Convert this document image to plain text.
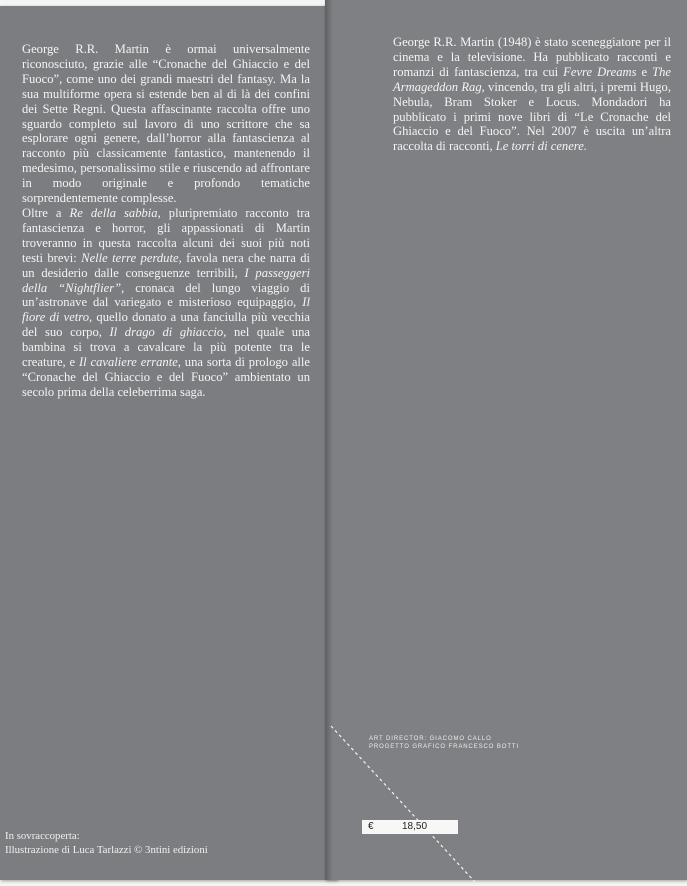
George R.R. Martin è ormai universalmente riconosciuto, grazie alle “Cronache del Ghiaccio e del Fuoco”, come uno dei grandi maestri del fantasy. Ma la sua multiforme opera si estende ben al di là dei confini dei Sette Regni. Questa affascinante raccolta offre uno sguardo completo sul lavoro di uno scrittore che sa esplorare ogni genere, dall’horror alla fantascienza al racconto più classicamente fantastico, mantenendo il medesimo, personalissimo stile e riuscendo ad affrontare in modo originale e profondo tematiche sorprendentemente complesse.

Oltre a Re della sabbia, pluripremiato racconto tra fantascienza e horror, gli appassionati di Martin troveranno in questa raccolta alcuni dei suoi più noti testi brevi: Nelle terre perdute, favola nera che narra di un desiderio dalle conseguenze terribili, I passeggeri della “Nightflier”, cronaca del lungo viaggio di un’astronave dal variegato e misterioso equipaggio, Il fiore di vetro, quello donato a una fanciulla più vecchia del suo corpo, Il drago di ghiaccio, nel quale una bambina si trova a cavalcare la più potente tra le creature, e Il cavaliere errante, una sorta di prologo alle “Cronache del Ghiaccio e del Fuoco” ambientato un secolo prima della celeberrima saga.

In sovraccoperta:
Illustrazione di Luca Tarlazzi © 3ntini edizioni

George R.R. Martin (1948) è stato sceneggiatore per il cinema e la televisione. Ha pubblicato racconti e romanzi di fantascienza, tra cui Fevre Dreams e The Armageddon Rag, vincendo, tra gli altri, i premi Hugo, Nebula, Bram Stoker e Locus. Mondadori ha pubblicato i primi nove libri di “Le Cronache del Ghiaccio e del Fuoco”. Nel 2007 è uscita un’altra raccolta di racconti, Le torri di cenere.

ART DIRECTOR: GIACOMO CALLO
PROGETTO GRAFICO FRANCESCO BOTTI
€	18,50
